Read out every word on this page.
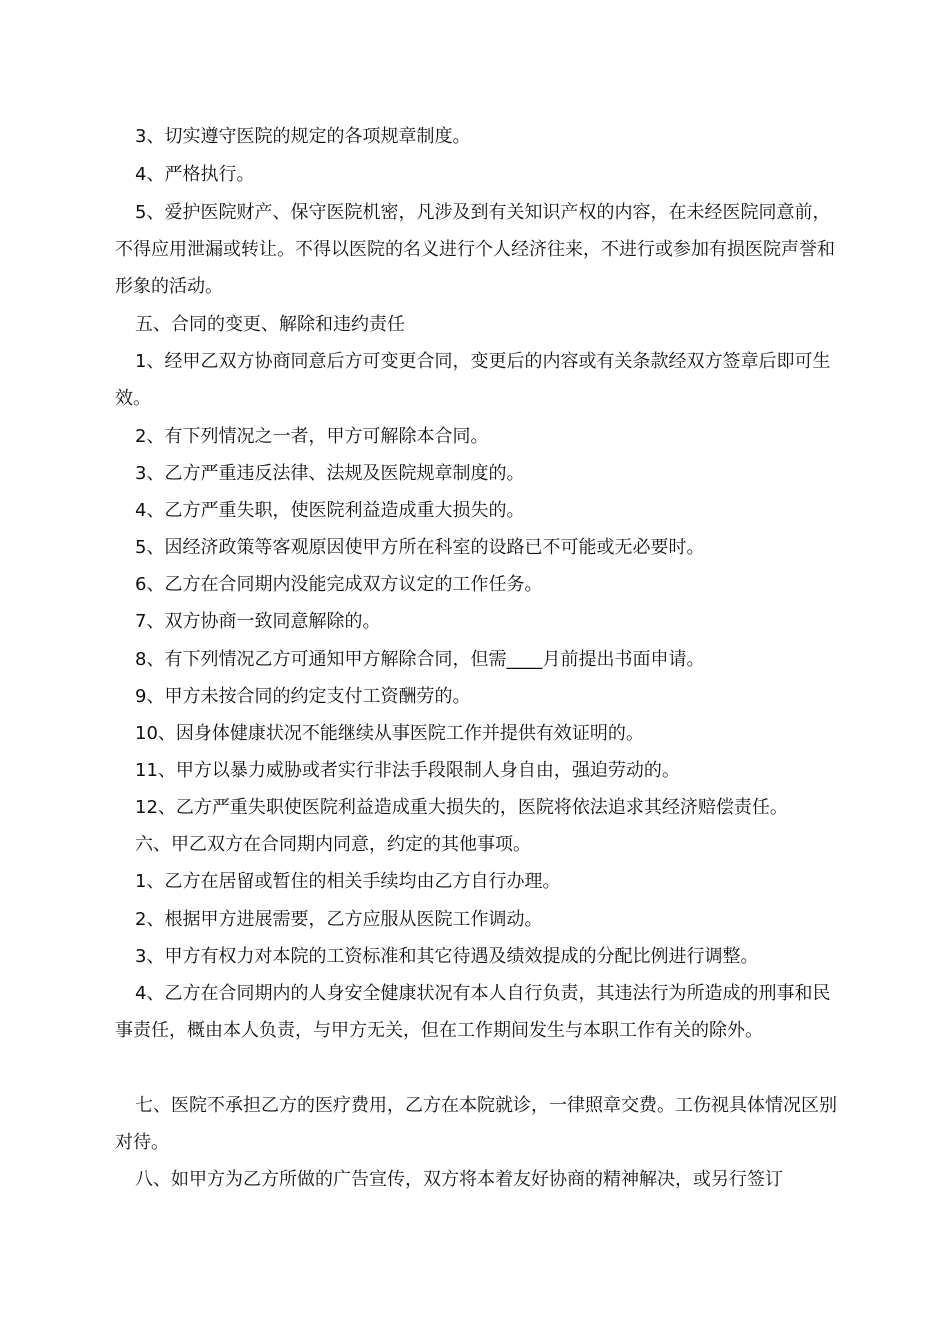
3、切实遵守医院的规定的各项规章制度。

4、严格执行。

5、爱护医院财产、保守医院机密，凡涉及到有关知识产权的内容，在未经医院同意前，不得应用泄漏或转让。不得以医院的名义进行个人经济往来，不进行或参加有损医院声誉和形象的活动。

五、合同的变更、解除和违约责任

1、经甲乙双方协商同意后方可变更合同，变更后的内容或有关条款经双方签章后即可生效。

2、有下列情况之一者，甲方可解除本合同。

3、乙方严重违反法律、法规及医院规章制度的。

4、乙方严重失职，使医院利益造成重大损失的。

5、因经济政策等客观原因使甲方所在科室的设路已不可能或无必要时。

6、乙方在合同期内没能完成双方议定的工作任务。

7、双方协商一致同意解除的。

8、有下列情况乙方可通知甲方解除合同，但需____月前提出书面申请。

9、甲方未按合同的约定支付工资酬劳的。

10、因身体健康状况不能继续从事医院工作并提供有效证明的。

11、甲方以暴力威胁或者实行非法手段限制人身自由，强迫劳动的。

12、乙方严重失职使医院利益造成重大损失的，医院将依法追求其经济赔偿责任。

六、甲乙双方在合同期内同意，约定的其他事项。

1、乙方在居留或暂住的相关手续均由乙方自行办理。

2、根据甲方进展需要，乙方应服从医院工作调动。

3、甲方有权力对本院的工资标准和其它待遇及绩效提成的分配比例进行调整。

4、乙方在合同期内的人身安全健康状况有本人自行负责，其违法行为所造成的刑事和民事责任，概由本人负责，与甲方无关，但在工作期间发生与本职工作有关的除外。

七、医院不承担乙方的医疗费用，乙方在本院就诊，一律照章交费。工伤视具体情况区别对待。

八、如甲方为乙方所做的广告宣传，双方将本着友好协商的精神解决，或另行签订
